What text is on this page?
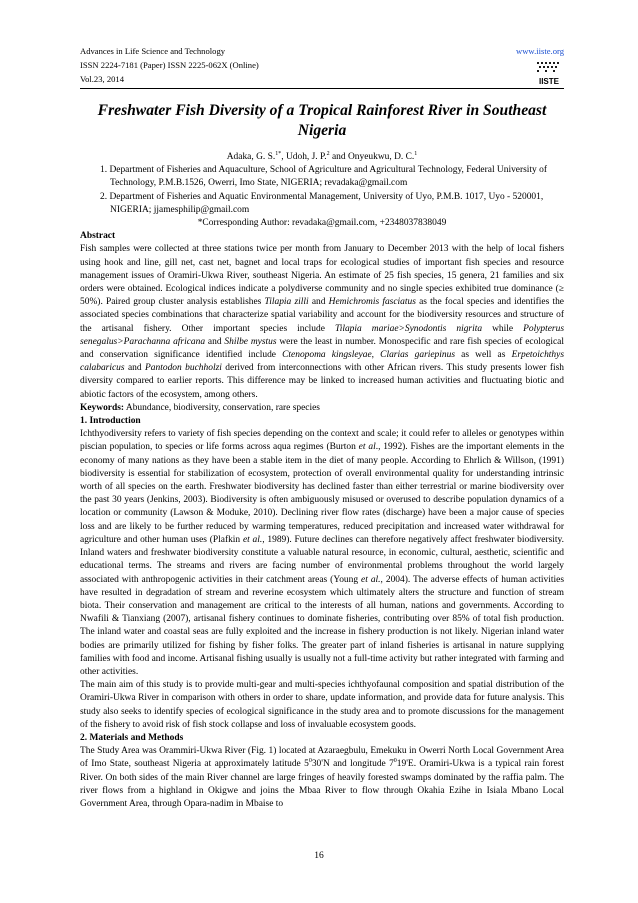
Advances in Life Science and Technology
ISSN 2224-7181 (Paper) ISSN 2225-062X (Online)
Vol.23, 2014
www.iiste.org
IISTE
Freshwater Fish Diversity of a Tropical Rainforest River in Southeast Nigeria

Adaka, G. S.$^{1*}$, Udoh, J. P.$^2$ and Onyeukwu, D. C.$^1$

1. Department of Fisheries and Aquaculture, School of Agriculture and Agricultural Technology, Federal University of Technology, P.M.B.1526, Owerri, Imo State, NIGERIA; revadaka@gmail.com

2. Department of Fisheries and Aquatic Environmental Management, University of Uyo, P.M.B. 1017, Uyo - 520001, NIGERIA; jjamesphilip@gmail.com

*Corresponding Author: revadaka@gmail.com, +2348037838049

Abstract

Fish samples were collected at three stations twice per month from January to December 2013 with the help of local fishers using hook and line, gill net, cast net, bagnet and local traps for ecological studies of important fish species and resource management issues of Oramiri-Ukwa River, southeast Nigeria. An estimate of 25 fish species, 15 genera, 21 families and six orders were obtained. Ecological indices indicate a polydiverse community and no single species exhibited true dominance (≥ 50%). Paired group cluster analysis establishes Tilapia zilli and Hemichromis fasciatus as the focal species and identifies the associated species combinations that characterize spatial variability and account for the biodiversity resources and structure of the artisanal fishery. Other important species include Tilapia mariae>Synodontis nigrita while Polypterus senegalus>Parachanna africana and Shilbe mystus were the least in number. Monospecific and rare fish species of ecological and conservation significance identified include Ctenopoma kingsleyae, Clarias gariepinus as well as Erpetoichthys calabaricus and Pantodon buchholzi derived from interconnections with other African rivers. This study presents lower fish diversity compared to earlier reports. This difference may be linked to increased human activities and fluctuating biotic and abiotic factors of the ecosystem, among others.

Keywords: Abundance, biodiversity, conservation, rare species

1. Introduction

Ichthyodiversity refers to variety of fish species depending on the context and scale; it could refer to alleles or genotypes within piscian population, to species or life forms across aqua regimes (Burton et al., 1992). Fishes are the important elements in the economy of many nations as they have been a stable item in the diet of many people. According to Ehrlich & Willson, (1991) biodiversity is essential for stabilization of ecosystem, protection of overall environmental quality for understanding intrinsic worth of all species on the earth. Freshwater biodiversity has declined faster than either terrestrial or marine biodiversity over the past 30 years (Jenkins, 2003). Biodiversity is often ambiguously misused or overused to describe population dynamics of a location or community (Lawson & Moduke, 2010). Declining river flow rates (discharge) have been a major cause of species loss and are likely to be further reduced by warming temperatures, reduced precipitation and increased water withdrawal for agriculture and other human uses (Plafkin et al., 1989). Future declines can therefore negatively affect freshwater biodiversity. Inland waters and freshwater biodiversity constitute a valuable natural resource, in economic, cultural, aesthetic, scientific and educational terms. The streams and rivers are facing number of environmental problems throughout the world largely associated with anthropogenic activities in their catchment areas (Young et al., 2004). The adverse effects of human activities have resulted in degradation of stream and reverine ecosystem which ultimately alters the structure and function of stream biota. Their conservation and management are critical to the interests of all human, nations and governments. According to Nwafili & Tianxiang (2007), artisanal fishery continues to dominate fisheries, contributing over 85% of total fish production. The inland water and coastal seas are fully exploited and the increase in fishery production is not likely. Nigerian inland water bodies are primarily utilized for fishing by fisher folks. The greater part of inland fisheries is artisanal in nature supplying families with food and income. Artisanal fishing usually is usually not a full-time activity but rather integrated with farming and other activities.

The main aim of this study is to provide multi-gear and multi-species ichthyofaunal composition and spatial distribution of the Oramiri-Ukwa River in comparison with others in order to share, update information, and provide data for future analysis. This study also seeks to identify species of ecological significance in the study area and to promote discussions for the management of the fishery to avoid risk of fish stock collapse and loss of invaluable ecosystem goods.

2. Materials and Methods

The Study Area was Orammiri-Ukwa River (Fig. 1) located at Azaraegbulu, Emekuku in Owerri North Local Government Area of Imo State, southeast Nigeria at approximately latitude $5^030'N$ and longitude $7^019'E$. Oramiri-Ukwa is a typical rain forest River. On both sides of the main River channel are large fringes of heavily forested swamps dominated by the raffia palm. The river flows from a highland in Okigwe and joins the Mbaa River to flow through Okahia Ezihe in Isiala Mbano Local Government Area, through Opara-nadim in Mbaise to

16
